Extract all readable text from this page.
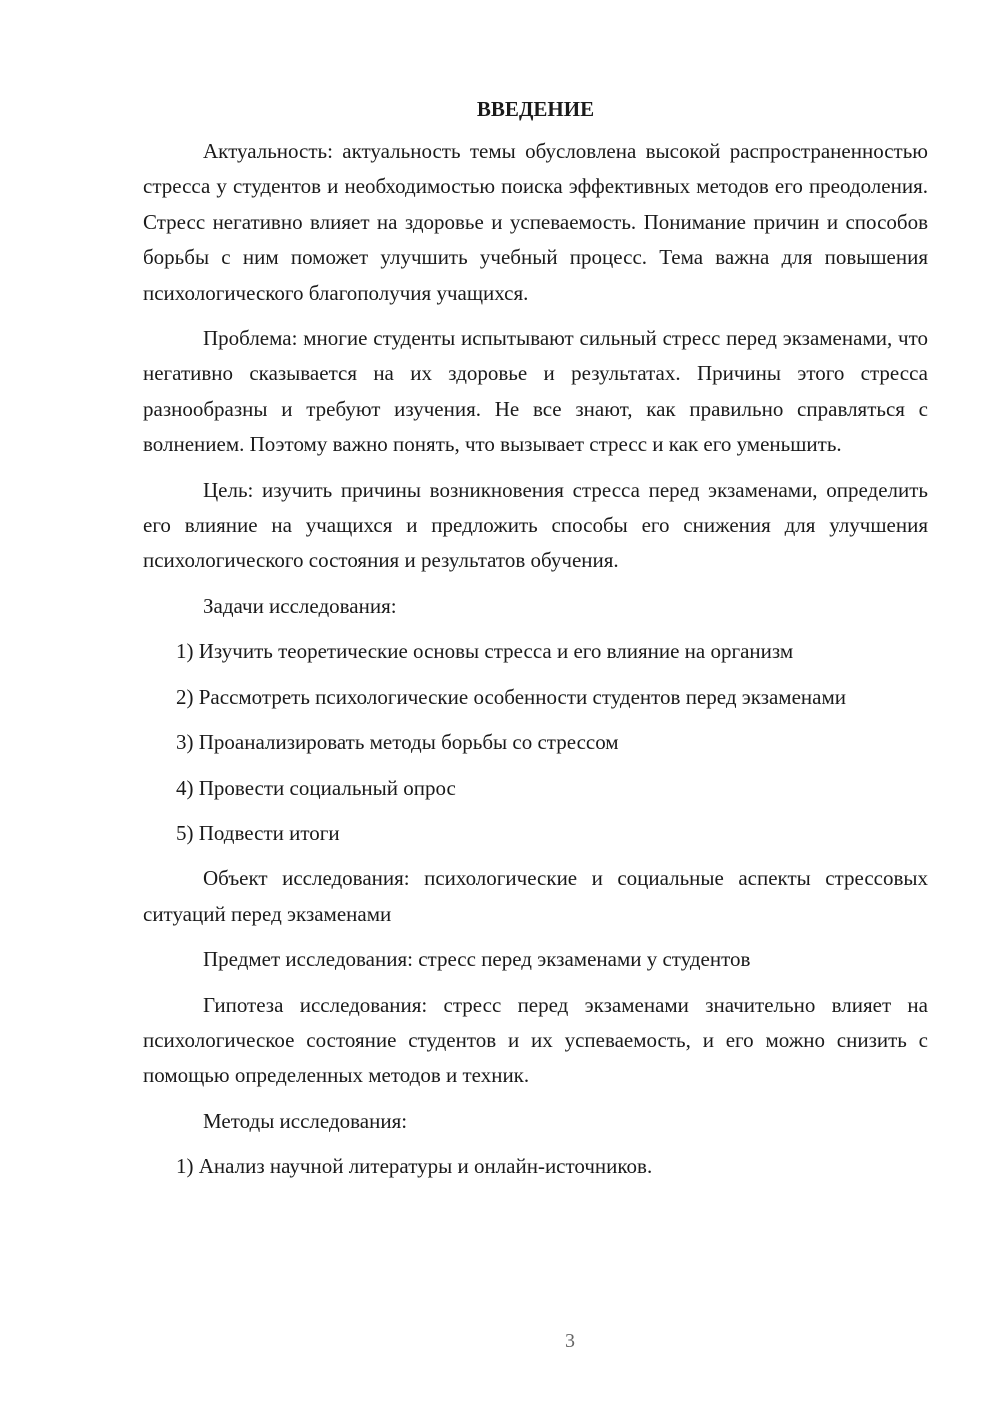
ВВЕДЕНИЕ

Актуальность: актуальность темы обусловлена высокой распространенностью стресса у студентов и необходимостью поиска эффективных методов его преодоления. Стресс негативно влияет на здоровье и успеваемость. Понимание причин и способов борьбы с ним поможет улучшить учебный процесс. Тема важна для повышения психологического благополучия учащихся.

Проблема: многие студенты испытывают сильный стресс перед экзаменами, что негативно сказывается на их здоровье и результатах. Причины этого стресса разнообразны и требуют изучения. Не все знают, как правильно справляться с волнением. Поэтому важно понять, что вызывает стресс и как его уменьшить.

Цель: изучить причины возникновения стресса перед экзаменами, определить его влияние на учащихся и предложить способы его снижения для улучшения психологического состояния и результатов обучения.

Задачи исследования:

1) Изучить теоретические основы стресса и его влияние на организм

2) Рассмотреть психологические особенности студентов перед экзаменами

3) Проанализировать методы борьбы со стрессом

4) Провести социальный опрос

5) Подвести итоги

Объект исследования: психологические и социальные аспекты стрессовых ситуаций перед экзаменами

Предмет исследования: стресс перед экзаменами у студентов

Гипотеза исследования: стресс перед экзаменами значительно влияет на психологическое состояние студентов и их успеваемость, и его можно снизить с помощью определенных методов и техник.

Методы исследования:

1) Анализ научной литературы и онлайн-источников.

3
